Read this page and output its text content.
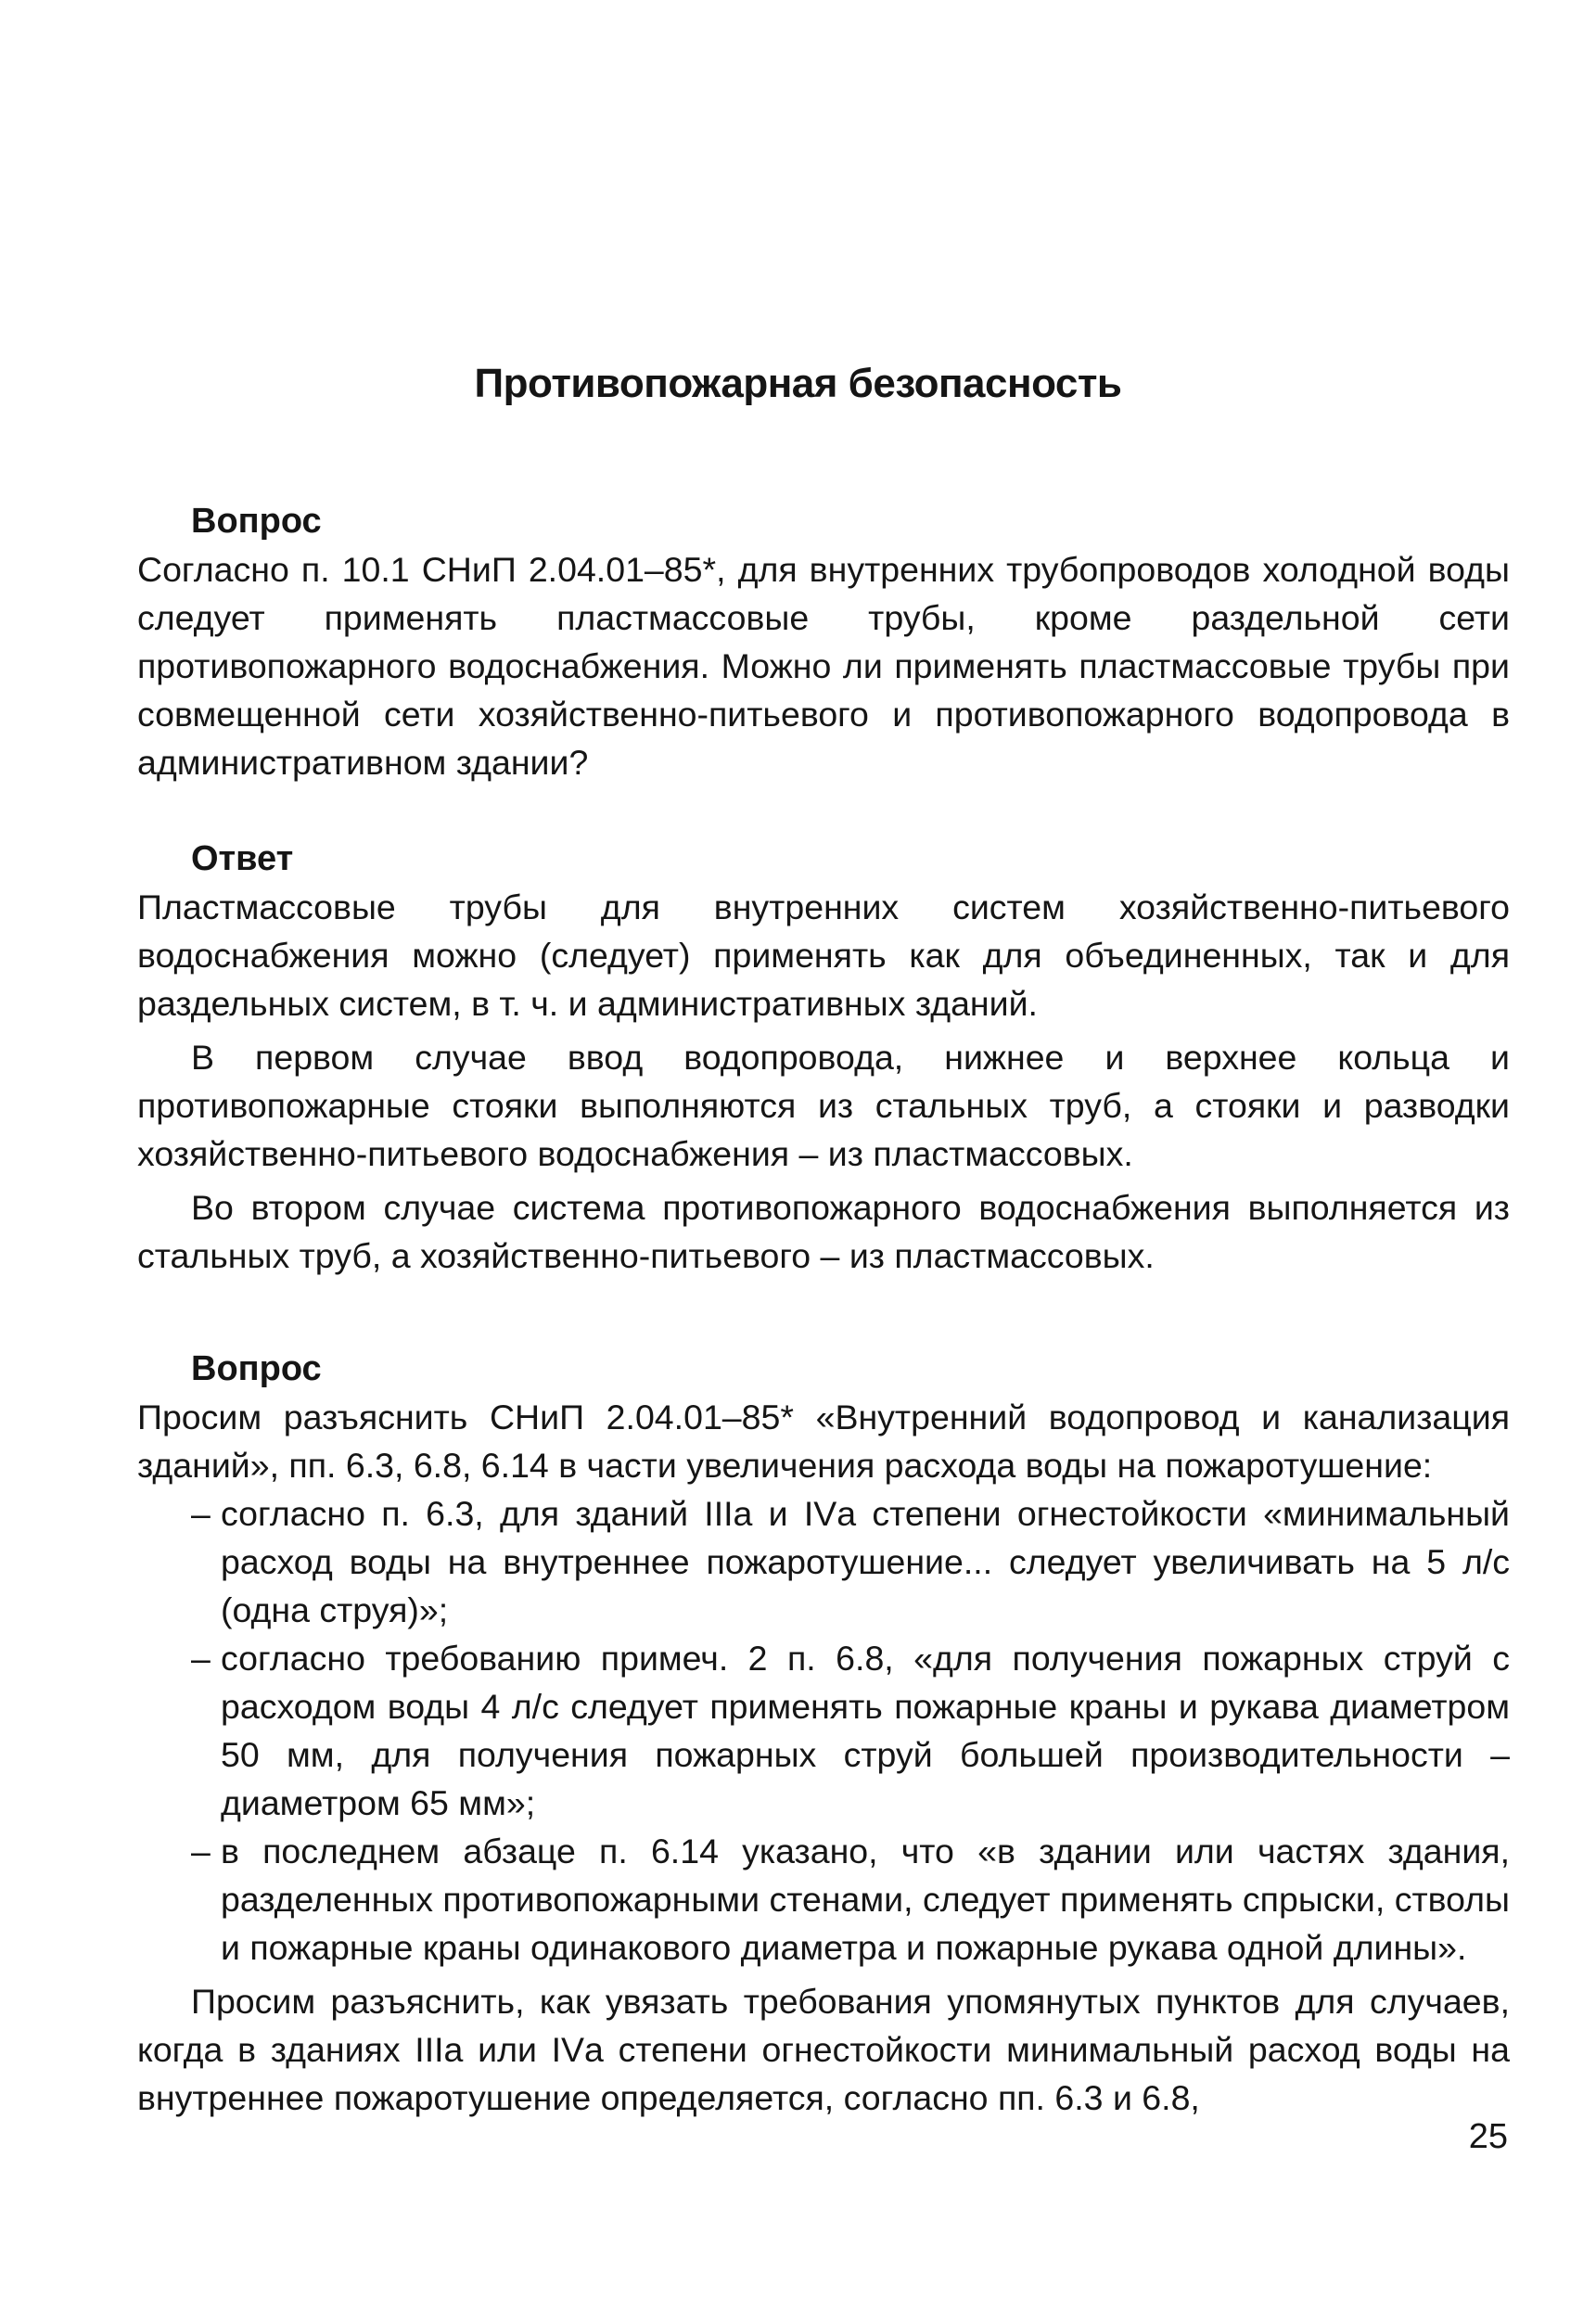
Противопожарная безопасность
Вопрос

Согласно п. 10.1 СНиП 2.04.01–85*, для внутренних трубопроводов холодной воды следует применять пластмассовые трубы, кроме раздельной сети противопожарного водоснабжения. Можно ли применять пластмассовые трубы при совмещенной сети хозяйственно-питьевого и противопожарного водопровода в административном здании?

Ответ

Пластмассовые трубы для внутренних систем хозяйственно-питьевого водоснабжения можно (следует) применять как для объединенных, так и для раздельных систем, в т. ч. и административных зданий.

В первом случае ввод водопровода, нижнее и верхнее кольца и противопожарные стояки выполняются из стальных труб, а стояки и разводки хозяйственно-питьевого водоснабжения – из пластмассовых.

Во втором случае система противопожарного водоснабжения выполняется из стальных труб, а хозяйственно-питьевого – из пластмассовых.

Вопрос

Просим разъяснить СНиП 2.04.01–85* «Внутренний водопровод и канализация зданий», пп. 6.3, 6.8, 6.14 в части увеличения расхода воды на пожаротушение:

– согласно п. 6.3, для зданий IIIа и IVа степени огнестойкости «минимальный расход воды на внутреннее пожаротушение... следует увеличивать на 5 л/с (одна струя)»;
– согласно требованию примеч. 2 п. 6.8, «для получения пожарных струй с расходом воды 4 л/с следует применять пожарные краны и рукава диаметром 50 мм, для получения пожарных струй большей производительности – диаметром 65 мм»;
– в последнем абзаце п. 6.14 указано, что «в здании или частях здания, разделенных противопожарными стенами, следует применять спрыски, стволы и пожарные краны одинакового диаметра и пожарные рукава одной длины».

Просим разъяснить, как увязать требования упомянутых пунктов для случаев, когда в зданиях IIIа или IVа степени огнестойкости минимальный расход воды на внутреннее пожаротушение определяется, согласно пп. 6.3 и 6.8,

25
